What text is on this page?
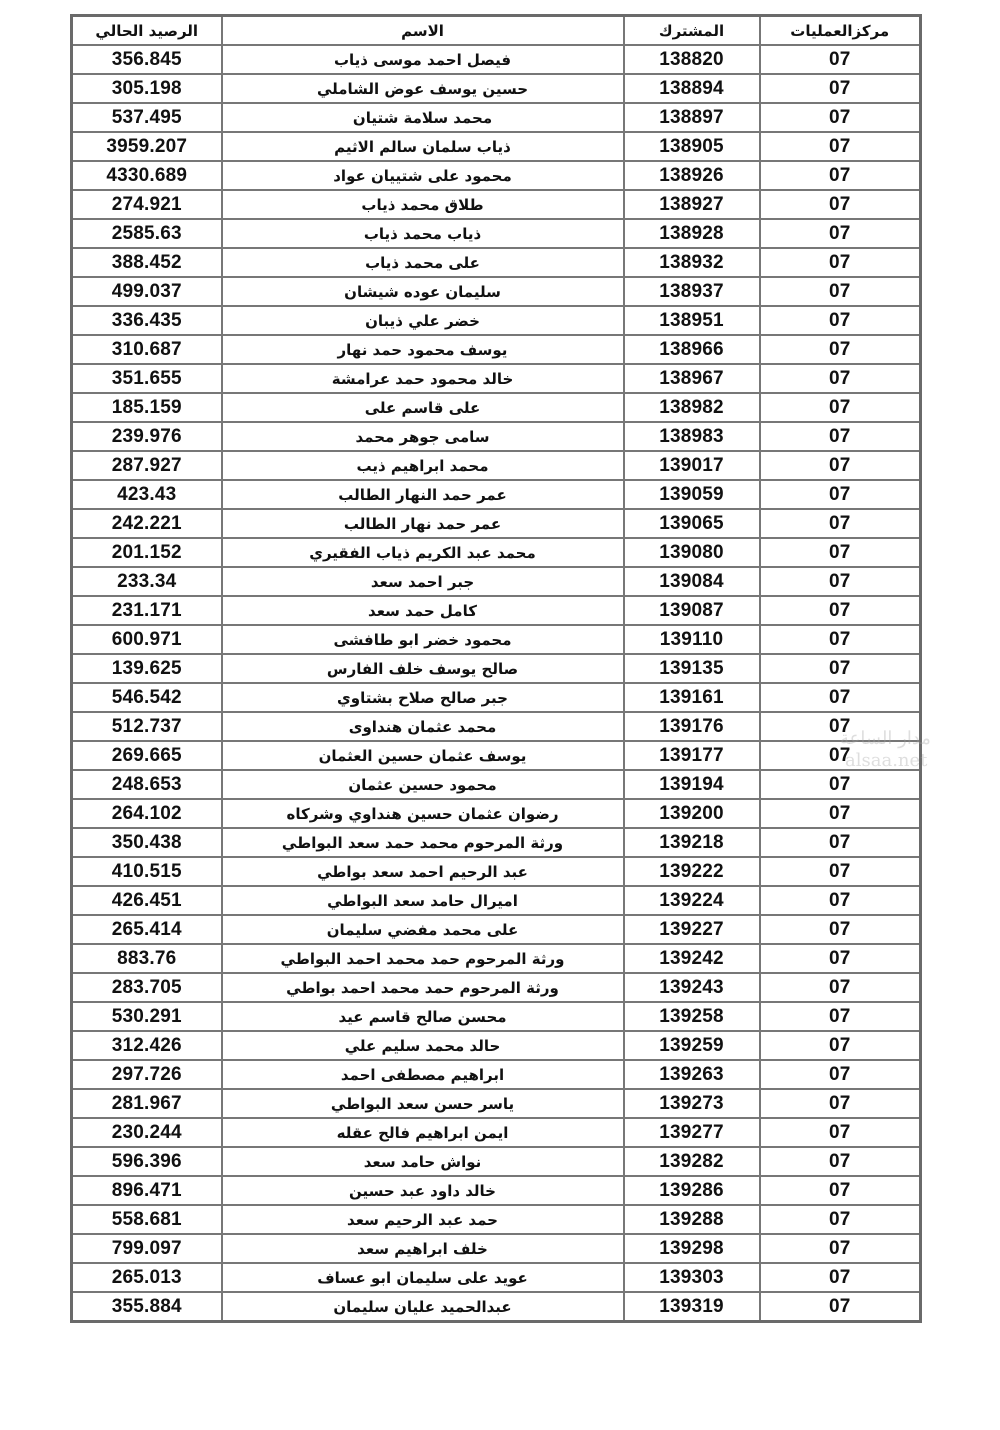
الرصيد الحالي	الاسم	المشترك	مركزالعمليات
356.845	فيصل احمد موسى ذياب	138820	07
305.198	حسين يوسف عوض الشاملي	138894	07
537.495	محمد سلامة شتيان	138897	07
3959.207	ذياب سلمان سالم الاثيم	138905	07
4330.689	محمود على شتييان عواد	138926	07
274.921	طلاق محمد ذياب	138927	07
2585.63	ذياب محمد ذياب	138928	07
388.452	على محمد ذياب	138932	07
499.037	سليمان عوده شيشان	138937	07
336.435	خضر علي ذيبان	138951	07
310.687	يوسف محمود حمد نهار	138966	07
351.655	خالد محمود حمد عرامشة	138967	07
185.159	على قاسم على	138982	07
239.976	سامى جوهر محمد	138983	07
287.927	محمد ابراهيم ذيب	139017	07
423.43	عمر حمد النهار الطالب	139059	07
242.221	عمر حمد نهار الطالب	139065	07
201.152	محمد عبد الكريم ذياب الفقيري	139080	07
233.34	جبر احمد سعد	139084	07
231.171	كامل حمد سعد	139087	07
600.971	محمود خضر ابو طافشى	139110	07
139.625	صالح يوسف خلف الفارس	139135	07
546.542	جبر صالح صلاح بشتاوي	139161	07
512.737	محمد عثمان هنداوى	139176	07
269.665	يوسف عثمان حسين العثمان	139177	07
248.653	محمود حسين عثمان	139194	07
264.102	رضوان عثمان حسين هنداوي وشركاه	139200	07
350.438	ورثة المرحوم محمد حمد سعد البواطي	139218	07
410.515	عبد الرحيم احمد سعد بواطي	139222	07
426.451	اميرال حامد سعد البواطي	139224	07
265.414	على محمد مفضي سليمان	139227	07
883.76	ورثة المرحوم حمد محمد احمد البواطي	139242	07
283.705	ورثة المرحوم حمد محمد احمد بواطي	139243	07
530.291	محسن صالح قاسم عيد	139258	07
312.426	حالد محمد سليم علي	139259	07
297.726	ابراهيم مصطفى احمد	139263	07
281.967	ياسر حسن سعد البواطي	139273	07
230.244	ايمن ابراهيم فالح عقله	139277	07
596.396	نواش حامد سعد	139282	07
896.471	خالد داود عبد حسين	139286	07
558.681	حمد عبد الرحيم سعد	139288	07
799.097	خلف ابراهيم سعد	139298	07
265.013	عويد على سليمان ابو عساف	139303	07
355.884	عبدالحميد عليان سليمان	139319	07
مدار الساعة
alsaa.net
